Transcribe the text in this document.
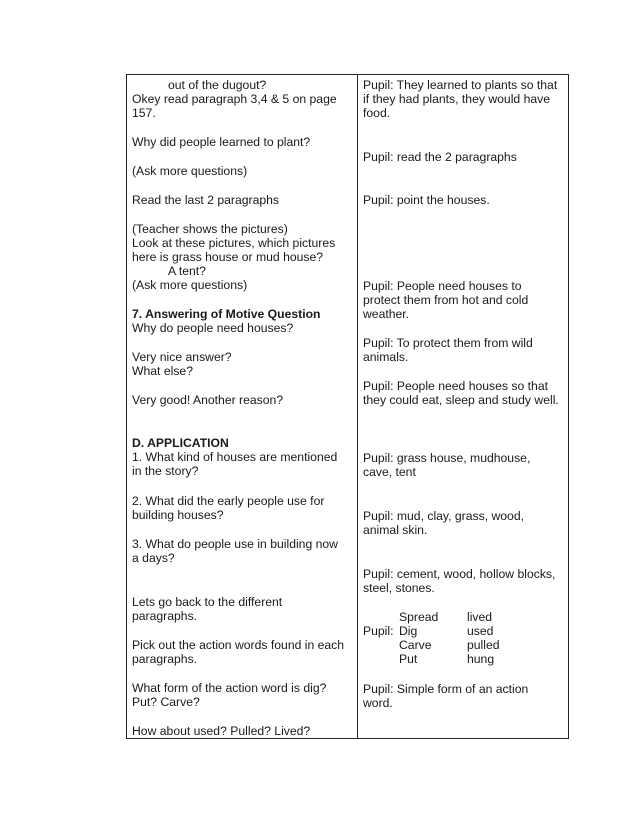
out of the dugout?
Okey read paragraph 3,4 & 5 on page
157.
Why did people learned to plant?
(Ask more questions)
Read the last 2 paragraphs
(Teacher shows the pictures)
Look at these pictures, which pictures
here is grass house or mud house?
A tent?
(Ask more questions)
7. Answering of Motive Question
Why do people need houses?
Very nice answer?
What else?
Very good! Another reason?
D. APPLICATION
1. What kind of houses are mentioned
in the story?
2. What did the early people use for
building houses?
3. What do people use in building now
a days?
Lets go back to the different
paragraphs.
Pick out the action words found in each
paragraphs.
What form of the action word is dig?
Put? Carve?
How about used? Pulled? Lived?
Pupil: They learned to plants so that
if they had plants, they would have
food.
Pupil: read the 2 paragraphs
Pupil: point the houses.
Pupil: People need houses to
protect them from hot and cold
weather.
Pupil: To protect them from wild
animals.
Pupil: People need houses so that
they could eat, sleep and study well.
Pupil: grass house, mudhouse,
cave, tent
Pupil: mud, clay, grass, wood,
animal skin.
Pupil: cement, wood, hollow blocks,
steel, stones.
Pupil:
Spread
Dig
Carve
Put
lived
used
pulled
hung
Pupil: Simple form of an action
word.
